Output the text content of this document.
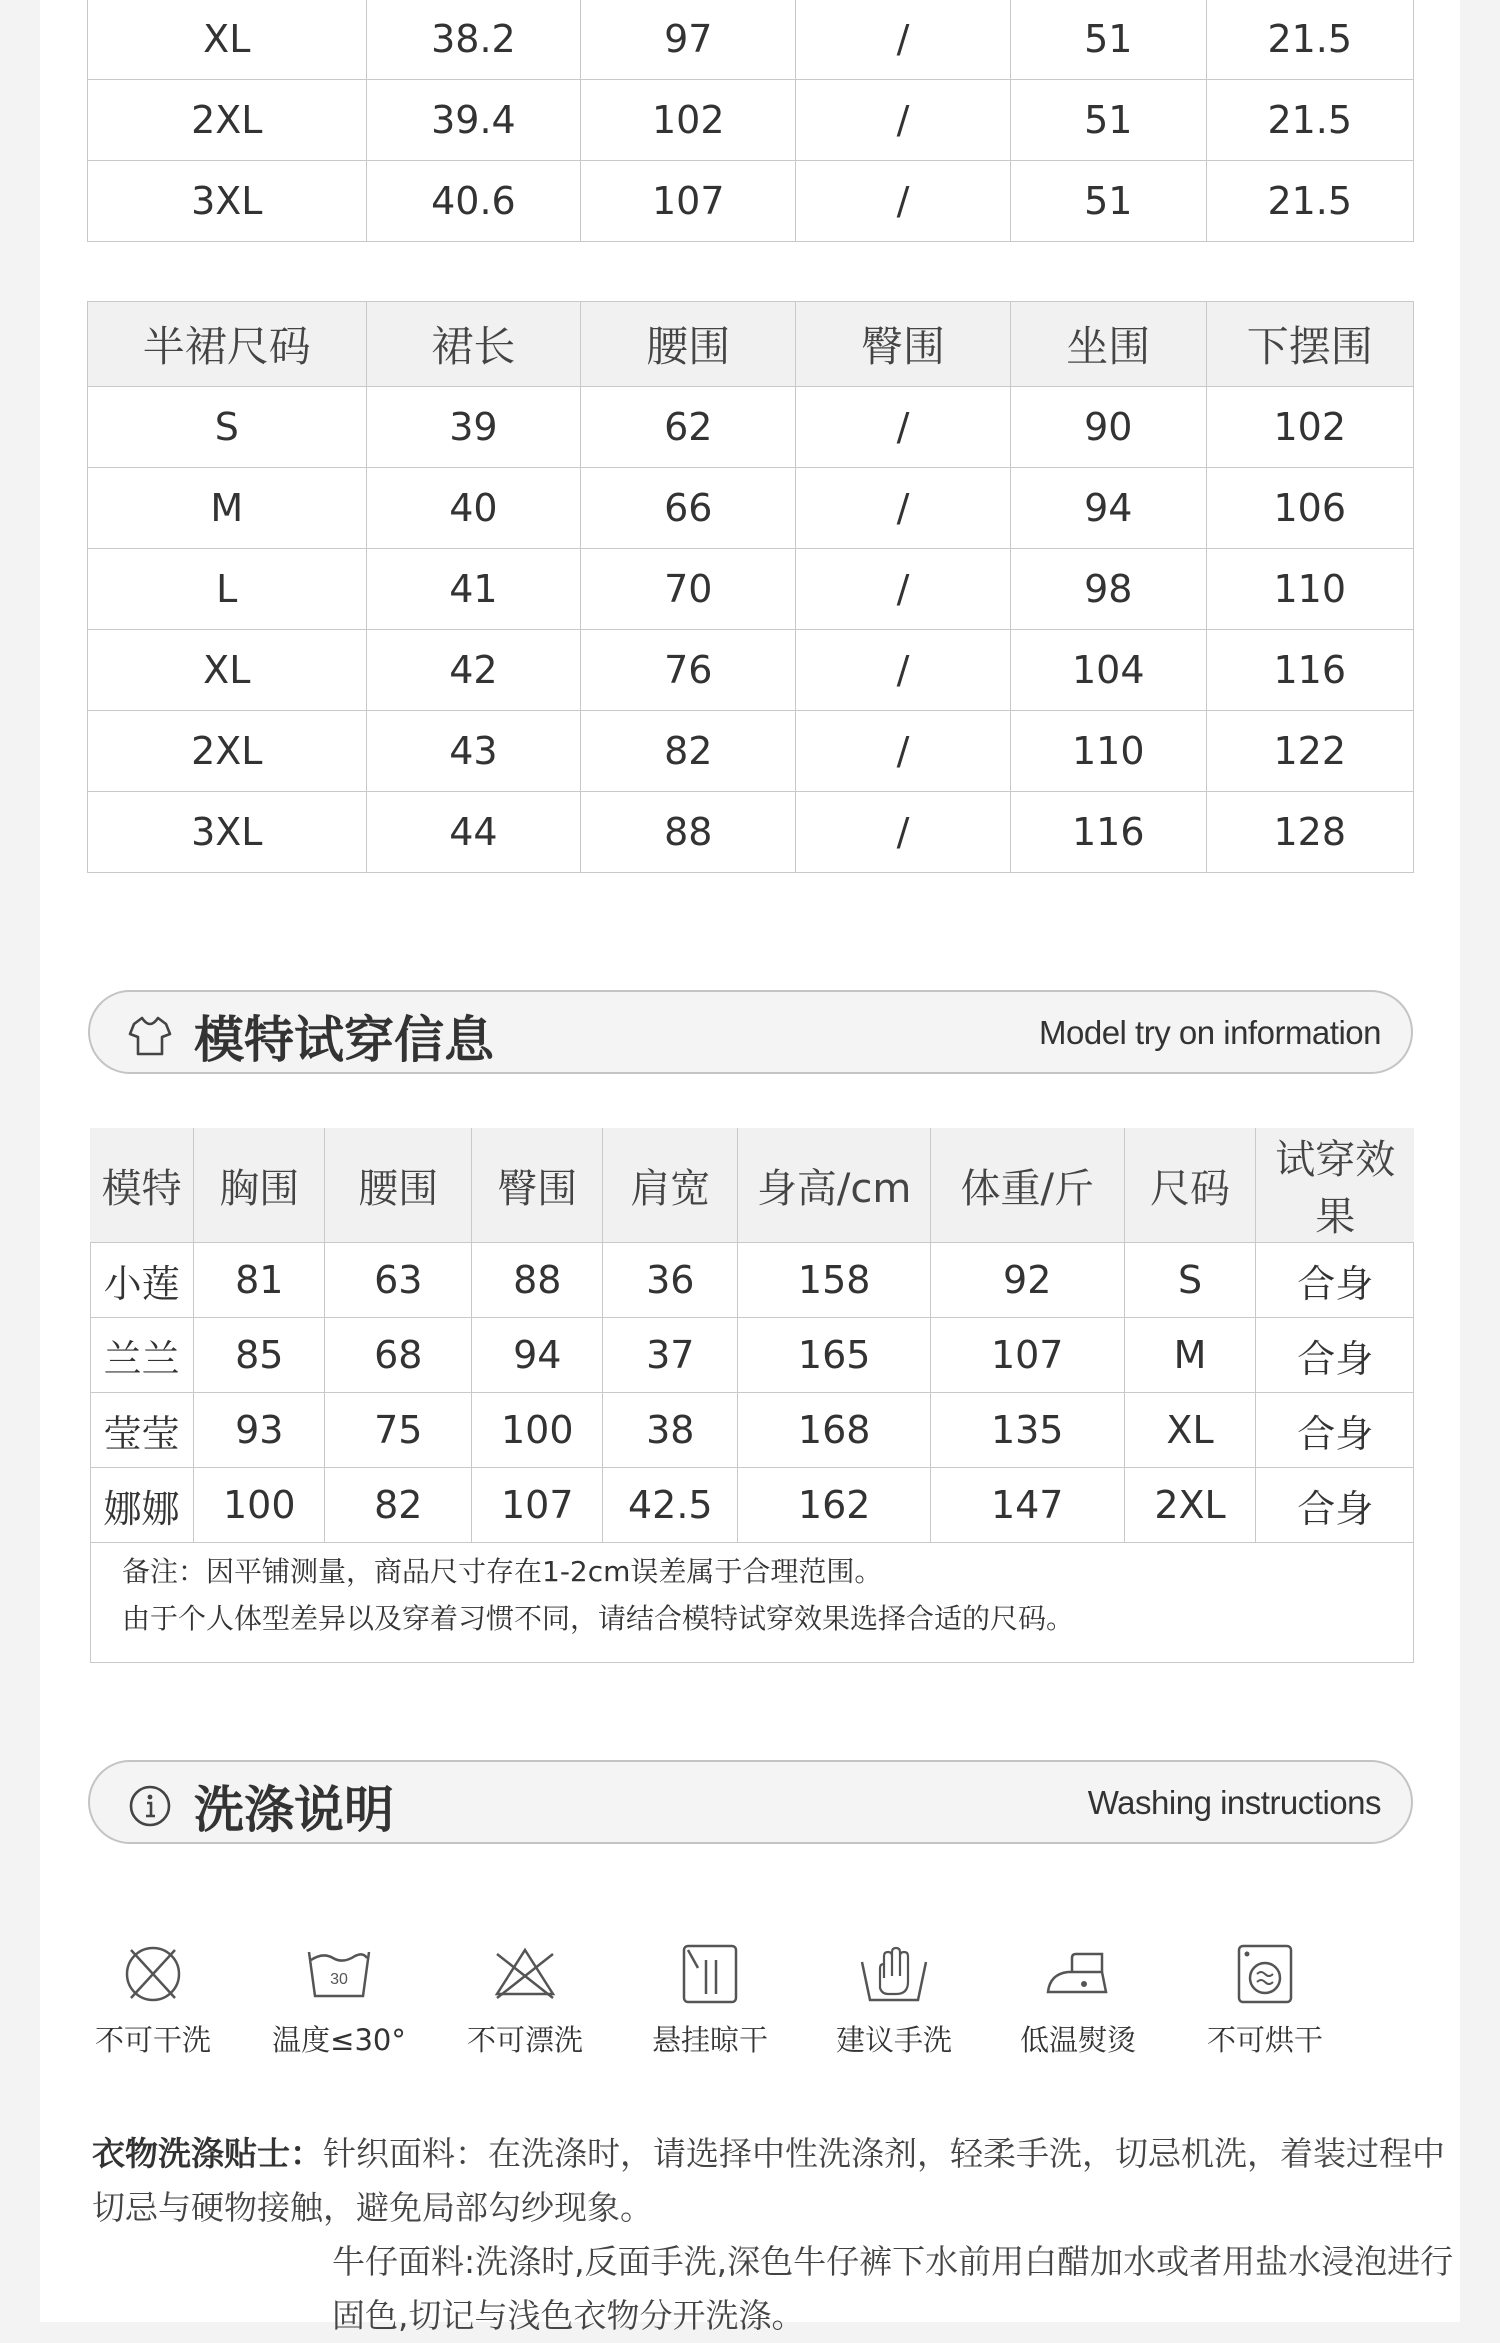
XL	38.2	97	/	51	21.5
2XL	39.4	102	/	51	21.5
3XL	40.6	107	/	51	21.5
半裙尺码	裙长	腰围	臀围	坐围	下摆围
S	39	62	/	90	102
M	40	66	/	94	106
L	41	70	/	98	110
XL	42	76	/	104	116
2XL	43	82	/	110	122
3XL	44	88	/	116	128
模特试穿信息	Model try on information
模特	胸围	腰围	臀围	肩宽	身高/cm	体重/斤	尺码	试穿效果
小莲	81	63	88	36	158	92	S	合身
兰兰	85	68	94	37	165	107	M	合身
莹莹	93	75	100	38	168	135	XL	合身
娜娜	100	82	107	42.5	162	147	2XL	合身
备注：因平铺测量，商品尺寸存在1-2cm误差属于合理范围。
由于个人体型差异以及穿着习惯不同，请结合模特试穿效果选择合适的尺码。
洗涤说明	Washing instructions
不可干洗
30
温度≤30°	不可漂洗	悬挂晾干	建议手洗	低温熨烫	不可烘干

衣物洗涤贴士：针织面料：在洗涤时，请选择中性洗涤剂，轻柔手洗，切忌机洗，着装过程中切忌与硬物接触，避免局部勾纱现象。

牛仔面料:洗涤时,反面手洗,深色牛仔裤下水前用白醋加水或者用盐水浸泡进行固色,切记与浅色衣物分开洗涤。
